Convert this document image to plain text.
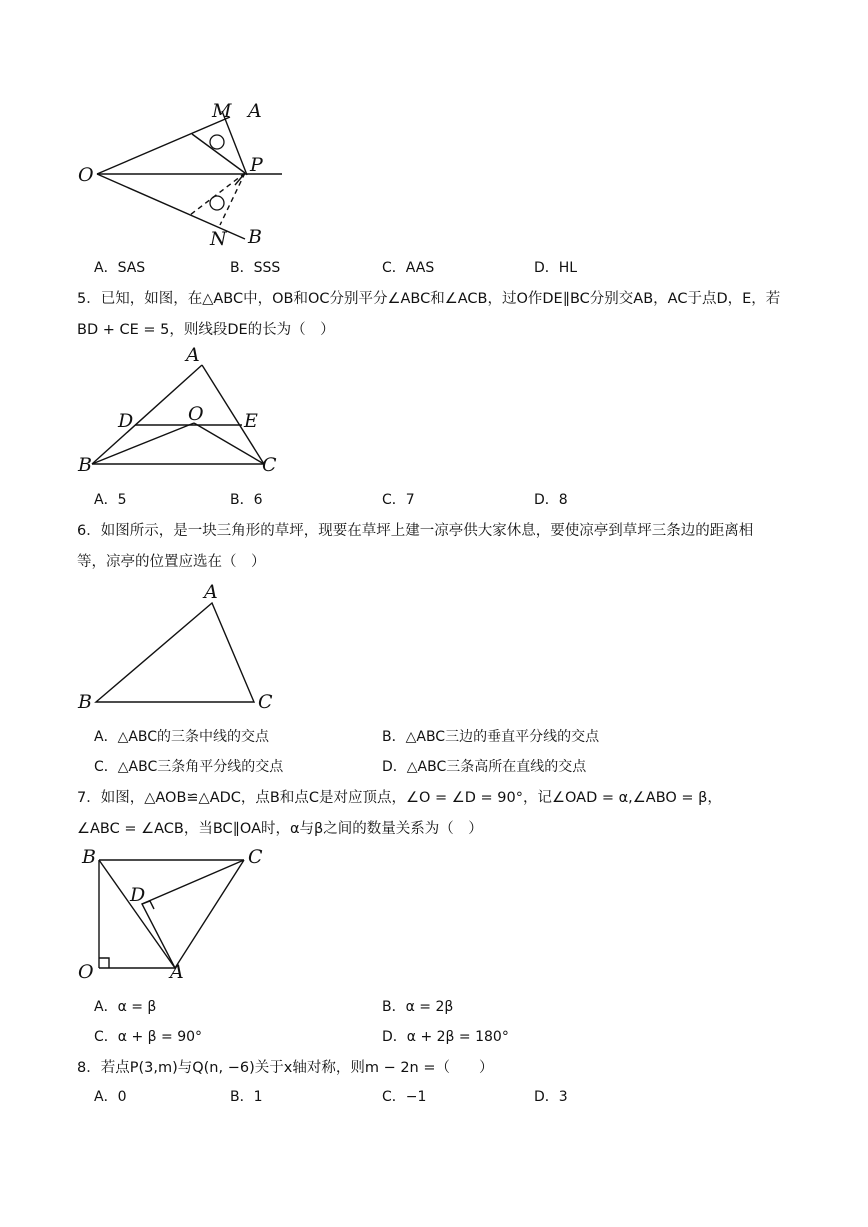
M A
O	P
N B
A．SAS	B．SSS	C．AAS	D．HL
5．已知，如图，在△ABC中，OB和OC分别平分∠ABC和∠ACB，过O作DE∥BC分别交AB，AC于点D，E，若
BD + CE = 5，则线段DE的长为（　）
A
D	O E
B	C
A．5	B．6	C．7	D．8
6．如图所示，是一块三角形的草坪，现要在草坪上建一凉亭供大家休息，要使凉亭到草坪三条边的距离相
等，凉亭的位置应选在（　）
A
B	C
A．△ABC的三条中线的交点	B．△ABC三边的垂直平分线的交点
C．△ABC三条角平分线的交点	D．△ABC三条高所在直线的交点
7．如图，△AOB≌△ADC，点B和点C是对应顶点，∠O = ∠D = 90°，记∠OAD = α,∠ABO = β，
∠ABC = ∠ACB，当BC∥OA时，α与β之间的数量关系为（　）
B	C
D
O	A
A．α = β	B．α = 2β
C．α + β = 90°	D．α + 2β = 180°
8．若点P(3,m)与Q(n, −6)关于x轴对称，则m − 2n =（　　）
A．0	B．1	C．−1	D．3
